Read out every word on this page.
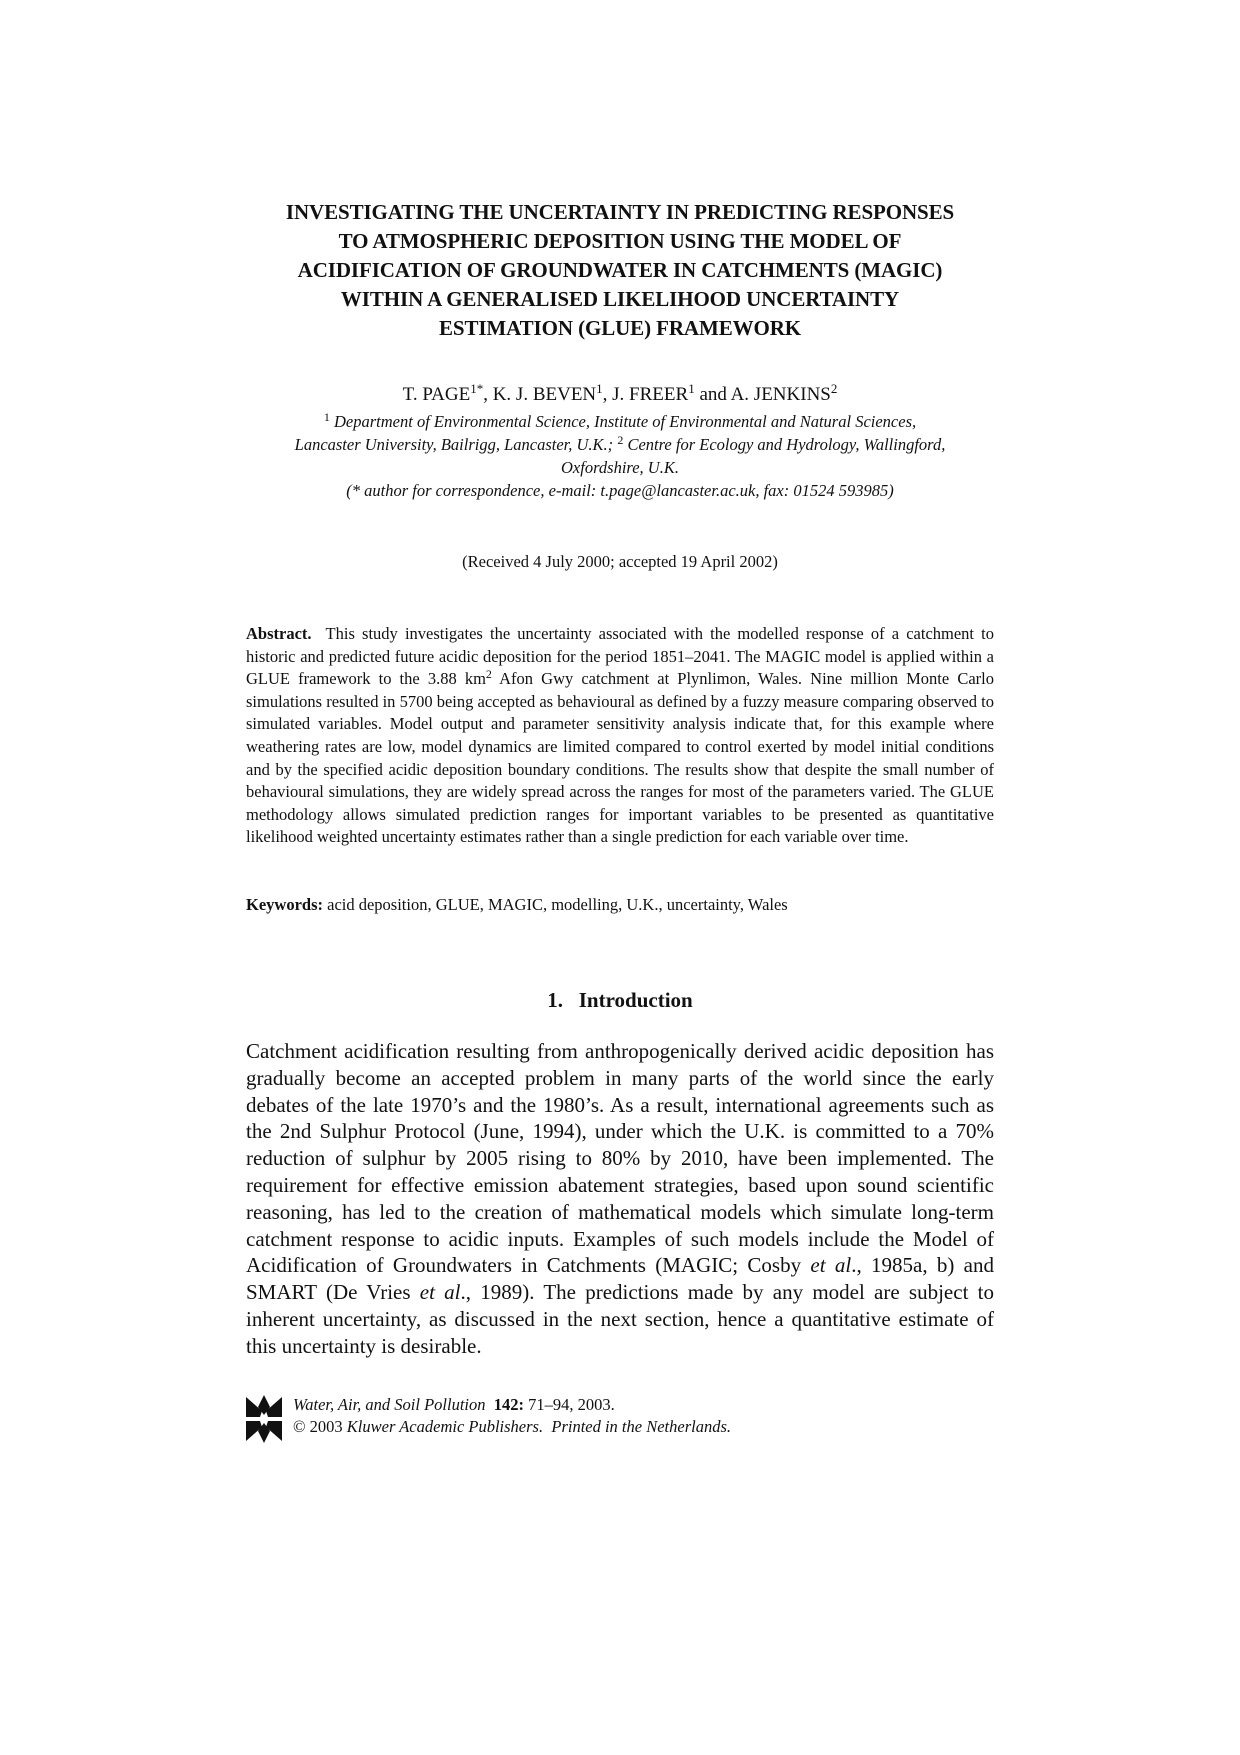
INVESTIGATING THE UNCERTAINTY IN PREDICTING RESPONSES
TO ATMOSPHERIC DEPOSITION USING THE MODEL OF
ACIDIFICATION OF GROUNDWATER IN CATCHMENTS (MAGIC)
WITHIN A GENERALISED LIKELIHOOD UNCERTAINTY
ESTIMATION (GLUE) FRAMEWORK
T. $PAGE^{1*}$, K. J. BEVEN$^1$, J. FREER$^1$ and A. JENKINS$^2$
$^1$ Department of Environmental Science, Institute of Environmental and Natural Sciences,
Lancaster University, Bailrigg, Lancaster, U.K.; $^2$ Centre for Ecology and Hydrology, Wallingford,
Oxfordshire, U.K.
(* author for correspondence, e-mail: t.page@lancaster.ac.uk, fax: 01524 593985)
(Received 4 July 2000; accepted 19 April 2002)
Abstract. This study investigates the uncertainty associated with the modelled response of a catchment to historic and predicted future acidic deposition for the period 1851–2041. The MAGIC model is applied within a GLUE framework to the 3.88 $km^2$ Afon Gwy catchment at Plynlimon, Wales. Nine million Monte Carlo simulations resulted in 5700 being accepted as behavioural as defined by a fuzzy measure comparing observed to simulated variables. Model output and parameter sensitivity analysis indicate that, for this example where weathering rates are low, model dynamics are limited compared to control exerted by model initial conditions and by the specified acidic deposition boundary conditions. The results show that despite the small number of behavioural simulations, they are widely spread across the ranges for most of the parameters varied. The GLUE methodology allows simulated prediction ranges for important variables to be presented as quantitative likelihood weighted uncertainty estimates rather than a single prediction for each variable over time.
Keywords: acid deposition, GLUE, MAGIC, modelling, U.K., uncertainty, Wales
1. Introduction
Catchment acidification resulting from anthropogenically derived acidic deposition has gradually become an accepted problem in many parts of the world since the early debates of the late 1970’s and the 1980’s. As a result, international agreements such as the 2nd Sulphur Protocol (June, 1994), under which the U.K. is committed to a 70% reduction of sulphur by 2005 rising to 80% by 2010, have been implemented. The requirement for effective emission abatement strategies, based upon sound scientific reasoning, has led to the creation of mathematical models which simulate long-term catchment response to acidic inputs. Examples of such models include the Model of Acidification of Groundwaters in Catchments (MAGIC; Cosby et al., 1985a, b) and SMART (De Vries et al., 1989). The predictions made by any model are subject to inherent uncertainty, as discussed in the next section, hence a quantitative estimate of this uncertainty is desirable.
Water, Air, and Soil Pollution 142: 71–94, 2003.
© 2003 Kluwer Academic Publishers. Printed in the Netherlands.
